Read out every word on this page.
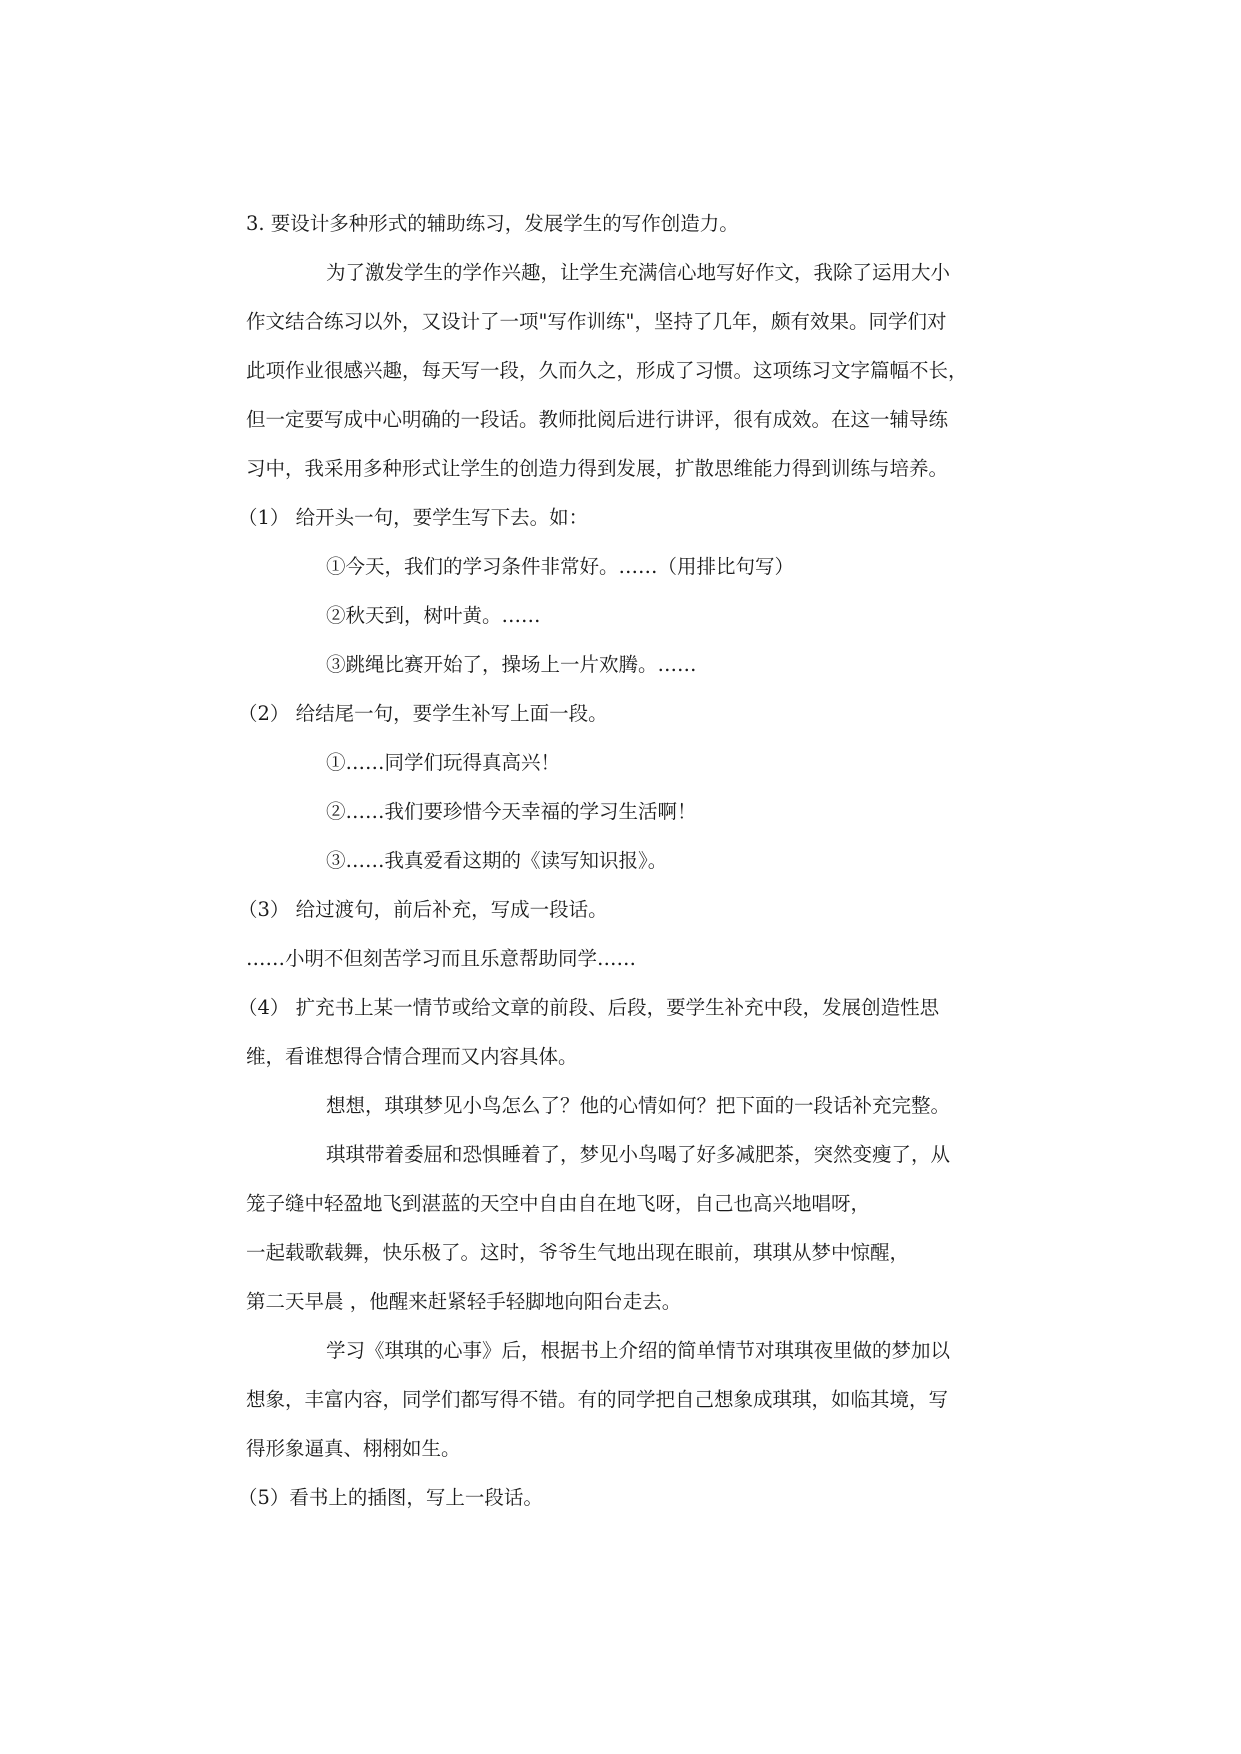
3. 要设计多种形式的辅助练习，发展学生的写作创造力。
为了激发学生的学作兴趣，让学生充满信心地写好作文，我除了运用大小
作文结合练习以外，又设计了一项"写作训练"，坚持了几年，颇有效果。同学们对
此项作业很感兴趣，每天写一段，久而久之，形成了习惯。这项练习文字篇幅不长，
但一定要写成中心明确的一段话。教师批阅后进行讲评，很有成效。在这一辅导练
习中，我采用多种形式让学生的创造力得到发展，扩散思维能力得到训练与培养。
（1） 给开头一句，要学生写下去。如：
①今天，我们的学习条件非常好。……（用排比句写）
②秋天到，树叶黄。……
③跳绳比赛开始了，操场上一片欢腾。……
（2） 给结尾一句，要学生补写上面一段。
①……同学们玩得真高兴！
②……我们要珍惜今天幸福的学习生活啊！
③……我真爱看这期的《读写知识报》。
（3） 给过渡句，前后补充，写成一段话。
……小明不但刻苦学习而且乐意帮助同学……
（4） 扩充书上某一情节或给文章的前段、后段，要学生补充中段，发展创造性思
维，看谁想得合情合理而又内容具体。
想想，琪琪梦见小鸟怎么了？他的心情如何？把下面的一段话补充完整。
琪琪带着委屈和恐惧睡着了，梦见小鸟喝了好多减肥茶，突然变瘦了，从
笼子缝中轻盈地飞到湛蓝的天空中自由自在地飞呀，自己也高兴地唱呀，
一起载歌载舞，快乐极了。这时，爷爷生气地出现在眼前，琪琪从梦中惊醒，
第二天早晨 ，他醒来赶紧轻手轻脚地向阳台走去。
学习《琪琪的心事》后，根据书上介绍的简单情节对琪琪夜里做的梦加以
想象，丰富内容，同学们都写得不错。有的同学把自己想象成琪琪，如临其境，写
得形象逼真、栩栩如生。
（5）看书上的插图，写上一段话。
